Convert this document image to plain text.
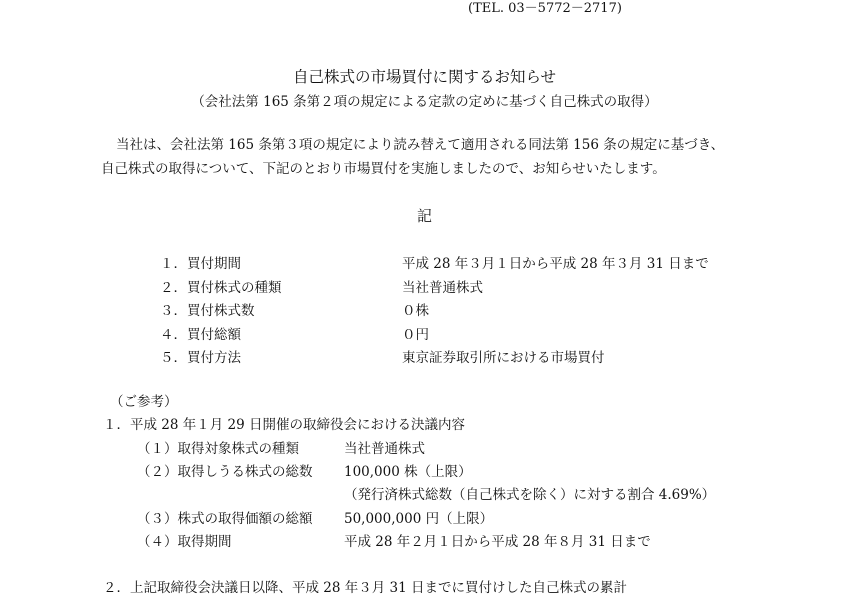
(TEL. 03－5772－2717)
自己株式の市場買付に関するお知らせ
（会社法第 165 条第２項の規定による定款の定めに基づく自己株式の取得）
当社は、会社法第 165 条第３項の規定により読み替えて適用される同法第 156 条の規定に基づき、
自己株式の取得について、下記のとおり市場買付を実施しましたので、お知らせいたします。
記
１．買付期間	平成 28 年３月１日から平成 28 年３月 31 日まで
２．買付株式の種類	当社普通株式
３．買付株式数	０株
４．買付総額	０円
５．買付方法	東京証券取引所における市場買付
（ご参考）
１．平成 28 年１月 29 日開催の取締役会における決議内容
（１）取得対象株式の種類	当社普通株式
（２）取得しうる株式の総数 100,000 株（上限）
（発行済株式総数（自己株式を除く）に対する割合 4.69%）
（３）株式の取得価額の総額 50,000,000 円（上限）
（４）取得期間	平成 28 年２月１日から平成 28 年８月 31 日まで
２．上記取締役会決議日以降、平成 28 年３月 31 日までに買付けした自己株式の累計
